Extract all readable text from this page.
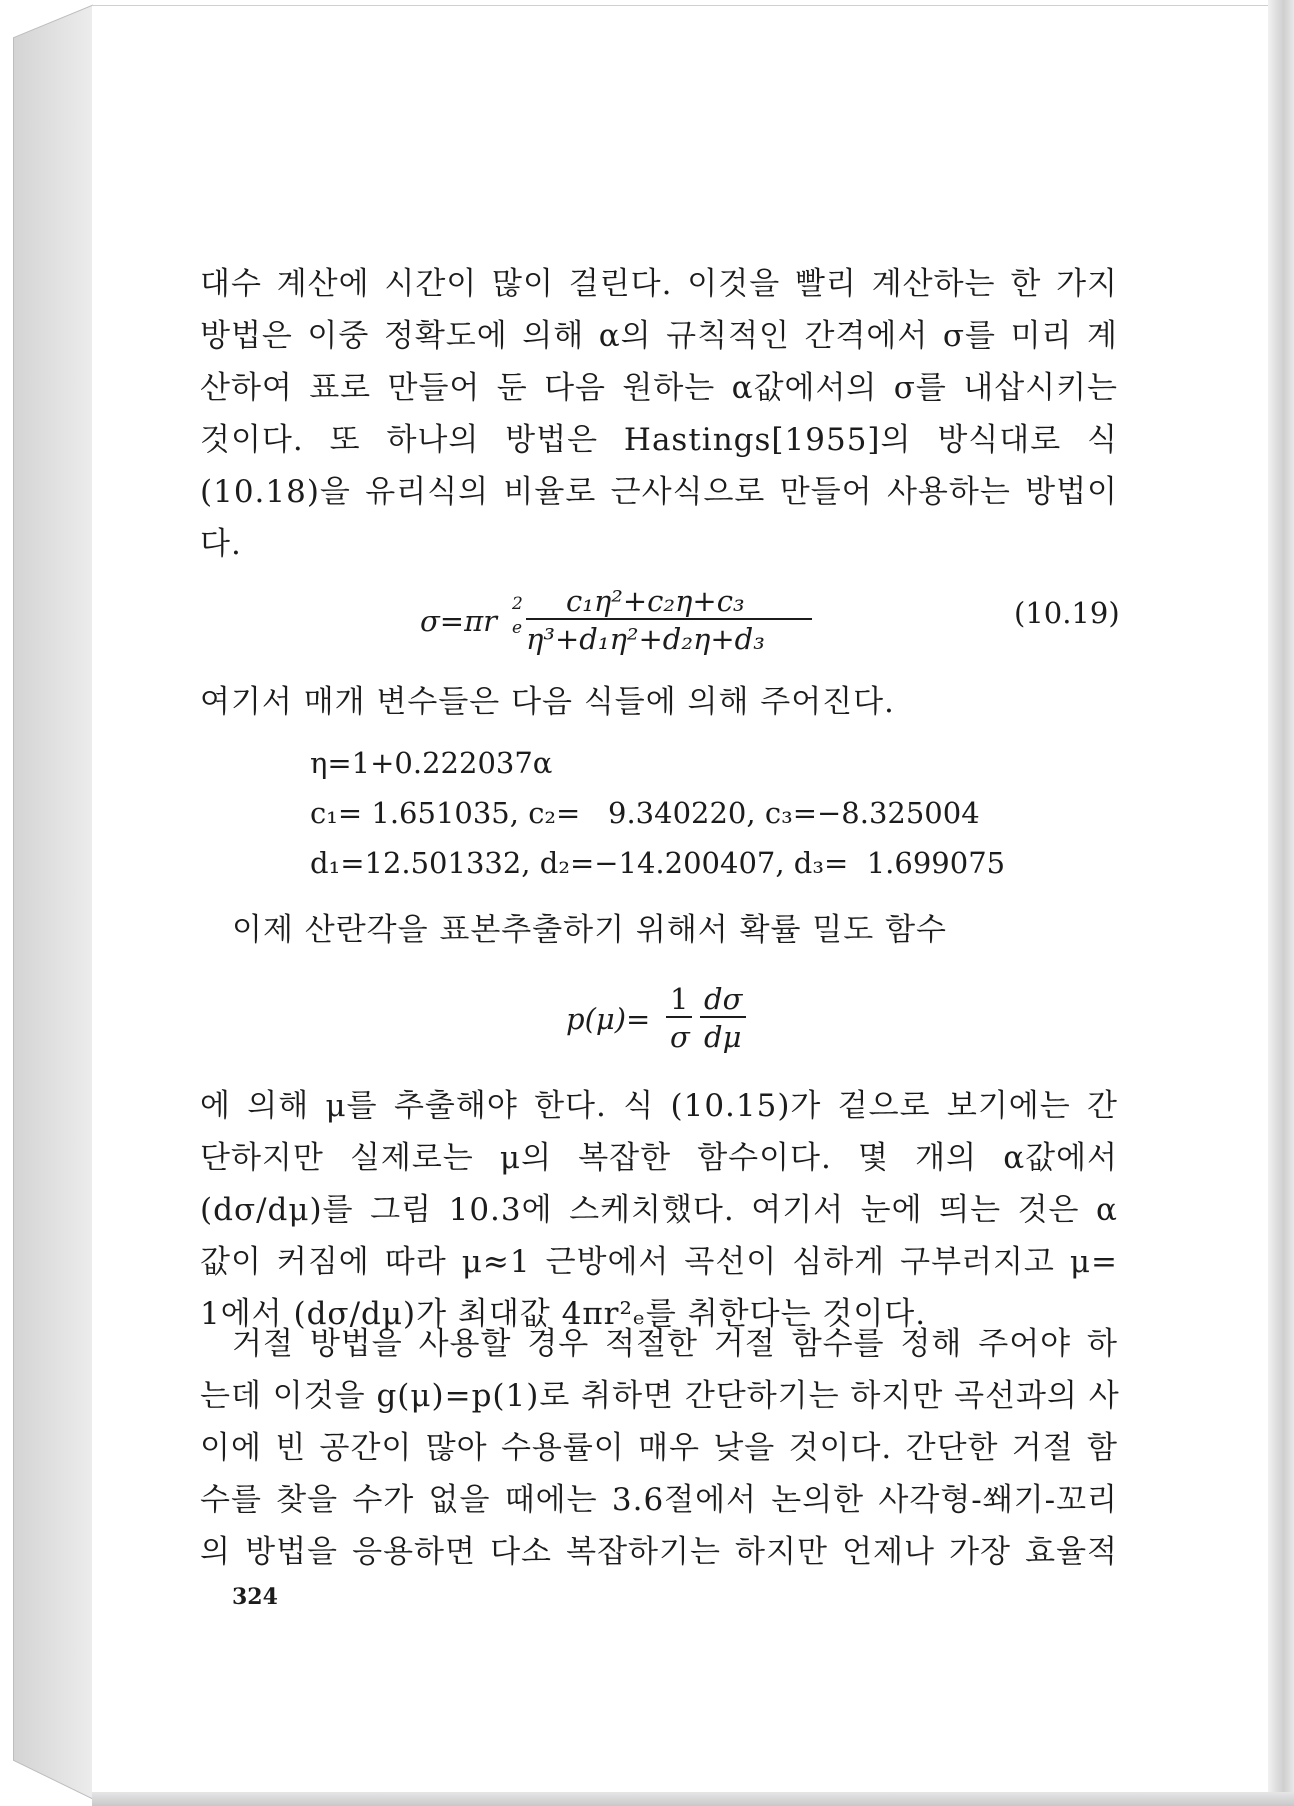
대수 계산에 시간이 많이 걸린다. 이것을 빨리 계산하는 한 가지
방법은 이중 정확도에 의해 α의 규칙적인 간격에서 σ를 미리 계
산하여 표로 만들어 둔 다음 원하는 α값에서의 σ를 내삽시키는
것이다. 또 하나의 방법은 Hastings[1955]의 방식대로 식
(10.18)을 유리식의 비율로 근사식으로 만들어 사용하는 방법이
다.
σ=πr 2
e
c₁η²+c₂η+c₃
η³+d₁η²+d₂η+d₃
(10.19)
여기서 매개 변수들은 다음 식들에 의해 주어진다.
η=1+0.222037α
c₁= 1.651035, c₂=   9.340220, c₃=−8.325004
d₁=12.501332, d₂=−14.200407, d₃=  1.699075
이제 산란각을 표본추출하기 위해서 확률 밀도 함수
p(μ)=
1
σ
dσ
dμ
에 의해 μ를 추출해야 한다. 식 (10.15)가 겉으로 보기에는 간
단하지만 실제로는 μ의 복잡한 함수이다. 몇 개의 α값에서
(dσ/dμ)를 그림 10.3에 스케치했다. 여기서 눈에 띄는 것은 α
값이 커짐에 따라 μ≈1 근방에서 곡선이 심하게 구부러지고 μ=
1에서 (dσ/dμ)가 최대값 4πr²ₑ를 취한다는 것이다.
거절 방법을 사용할 경우 적절한 거절 함수를 정해 주어야 하
는데 이것을 g(μ)=p(1)로 취하면 간단하기는 하지만 곡선과의 사
이에 빈 공간이 많아 수용률이 매우 낮을 것이다. 간단한 거절 함
수를 찾을 수가 없을 때에는 3.6절에서 논의한 사각형-쐐기-꼬리
의 방법을 응용하면 다소 복잡하기는 하지만 언제나 가장 효율적
324
